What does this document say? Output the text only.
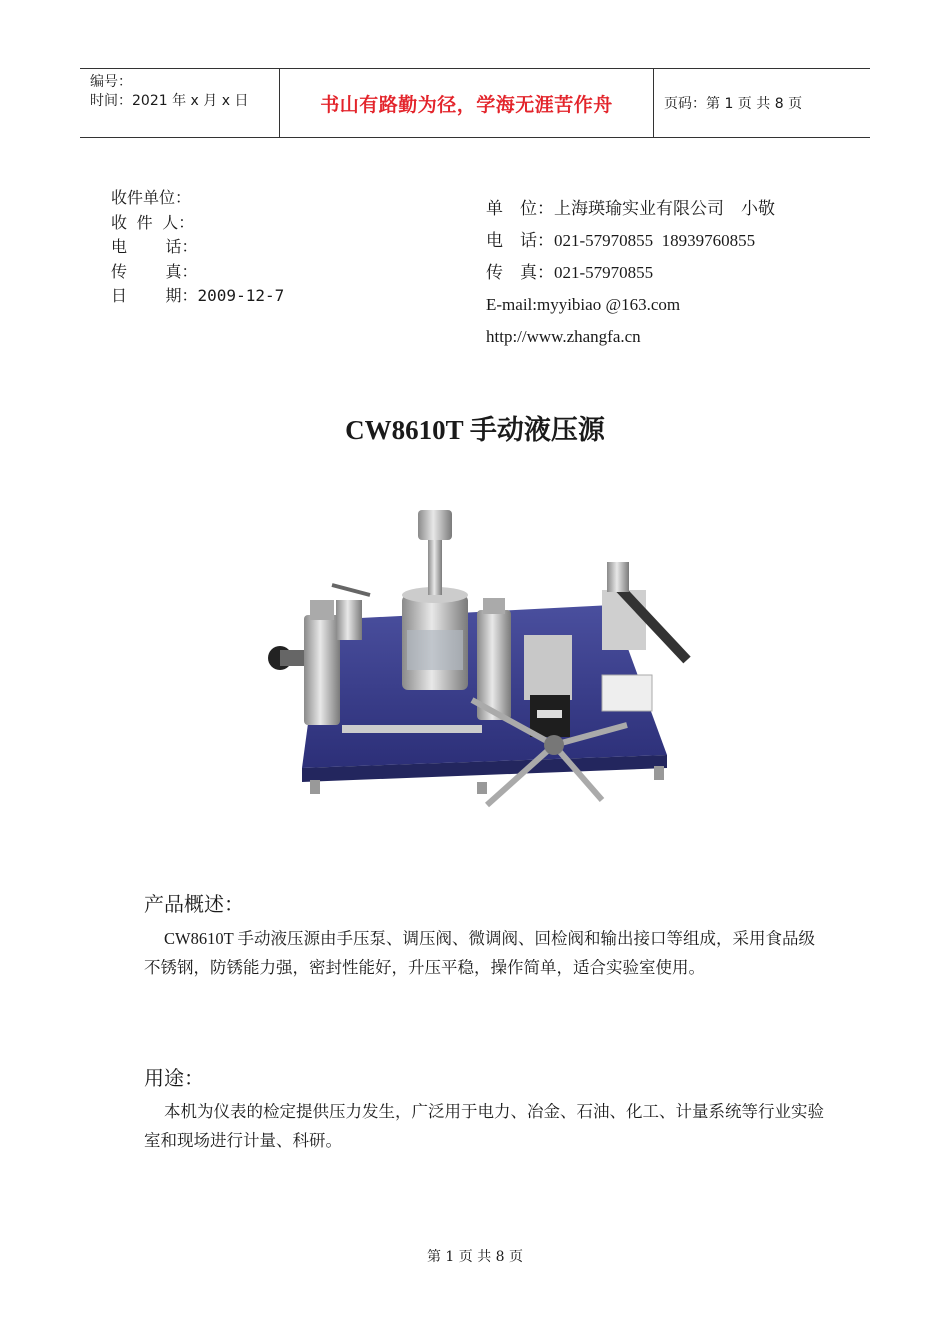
编号：
时间：2021 年 x 月 x 日	书山有路勤为径，学海无涯苦作舟	页码：第 1 页 共 8 页
收件单位：
收 件 人：
电    话：
传    真：
日    期：2009-12-7
单    位：上海瑛瑜实业有限公司    小敬
电    话：021-57970855  18939760855
传    真：021-57970855
E-mail:myyibiao @163.com
http://www.zhangfa.cn
CW8610T 手动液压源
产品概述：
CW8610T 手动液压源由手压泵、调压阀、微调阀、回检阀和输出接口等组成，采用食品级不锈钢，防锈能力强，密封性能好，升压平稳，操作简单，适合实验室使用。
用途：
本机为仪表的检定提供压力发生，广泛用于电力、冶金、石油、化工、计量系统等行业实验室和现场进行计量、科研。
第 1 页 共 8 页
